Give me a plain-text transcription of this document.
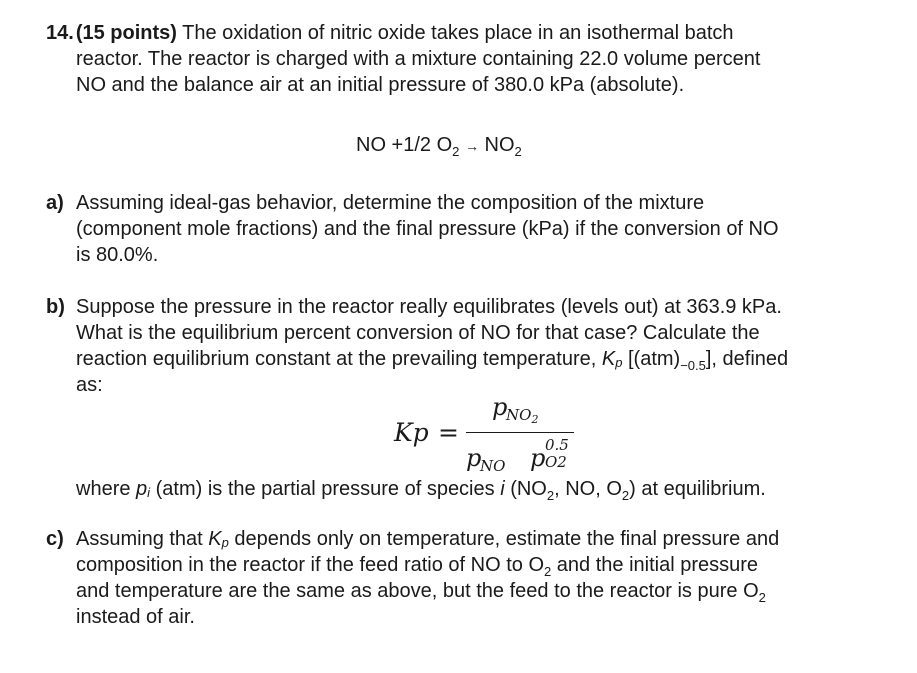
14. (15 points) The oxidation of nitric oxide takes place in an isothermal batch
reactor. The reactor is charged with a mixture containing 22.0 volume percent
NO and the balance air at an initial pressure of 380.0 kPa (absolute).
NO +1/2 $O_2 \to NO_2$
a) Assuming ideal-gas behavior, determine the composition of the mixture
(component mole fractions) and the final pressure (kPa) if the conversion of NO
is 80.0%.
b) Suppose the pressure in the reactor really equilibrates (levels out) at 363.9 kPa.
What is the equilibrium percent conversion of NO for that case? Calculate the
reaction equilibrium constant at the prevailing temperature, Kp $[(atm)_{-0.5}]$, defined
as:
Kp =
p
$NO_2$
p
NO p 0.5
O2
where pi (atm) is the partial pressure of species i ($NO_2$, NO, $O_2$) at equilibrium.
c) Assuming that Kp depends only on temperature, estimate the final pressure and
composition in the reactor if the feed ratio of NO to $O_2$ and the initial pressure
and temperature are the same as above, but the feed to the reactor is pure $O_2$
instead of air.
